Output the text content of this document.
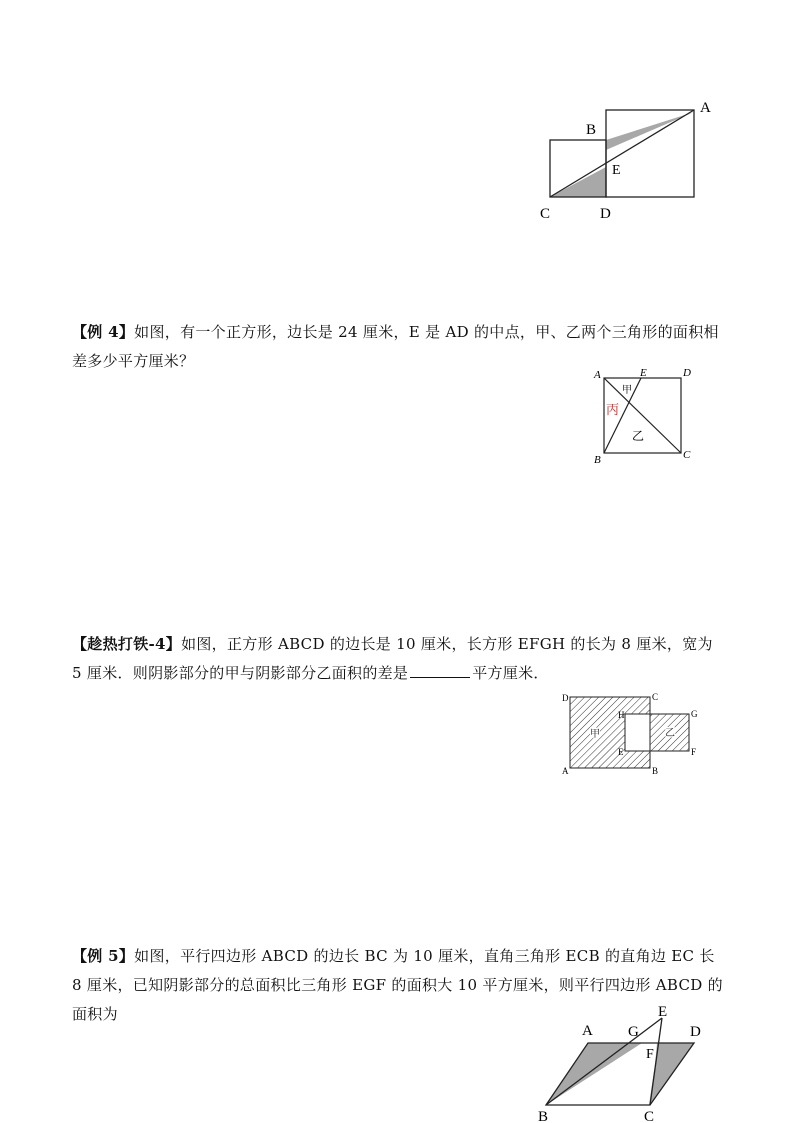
A
B
E
C	D
【例 4】如图，有一个正方形，边长是 24 厘米，E 是 AD 的中点，甲、乙两个三角形的面积相差多少平方厘米？
A	E	D
B	C
甲
丙
乙
【趁热打铁-4】如图，正方形 ABCD 的边长是 10 厘米，长方形 EFGH 的长为 8 厘米，宽为 5 厘米．则阴影部分的甲与阴影部分乙面积的差是	平方厘米．
D	C
H	G
E	F
A	B
甲	乙
【例 5】如图，平行四边形 ABCD 的边长 BC 为 10 厘米，直角三角形 ECB 的直角边 EC 长 8 厘米，已知阴影部分的总面积比三角形 EGF 的面积大 10 平方厘米，则平行四边形 ABCD 的面积为
A G
E
D
F
B	C
